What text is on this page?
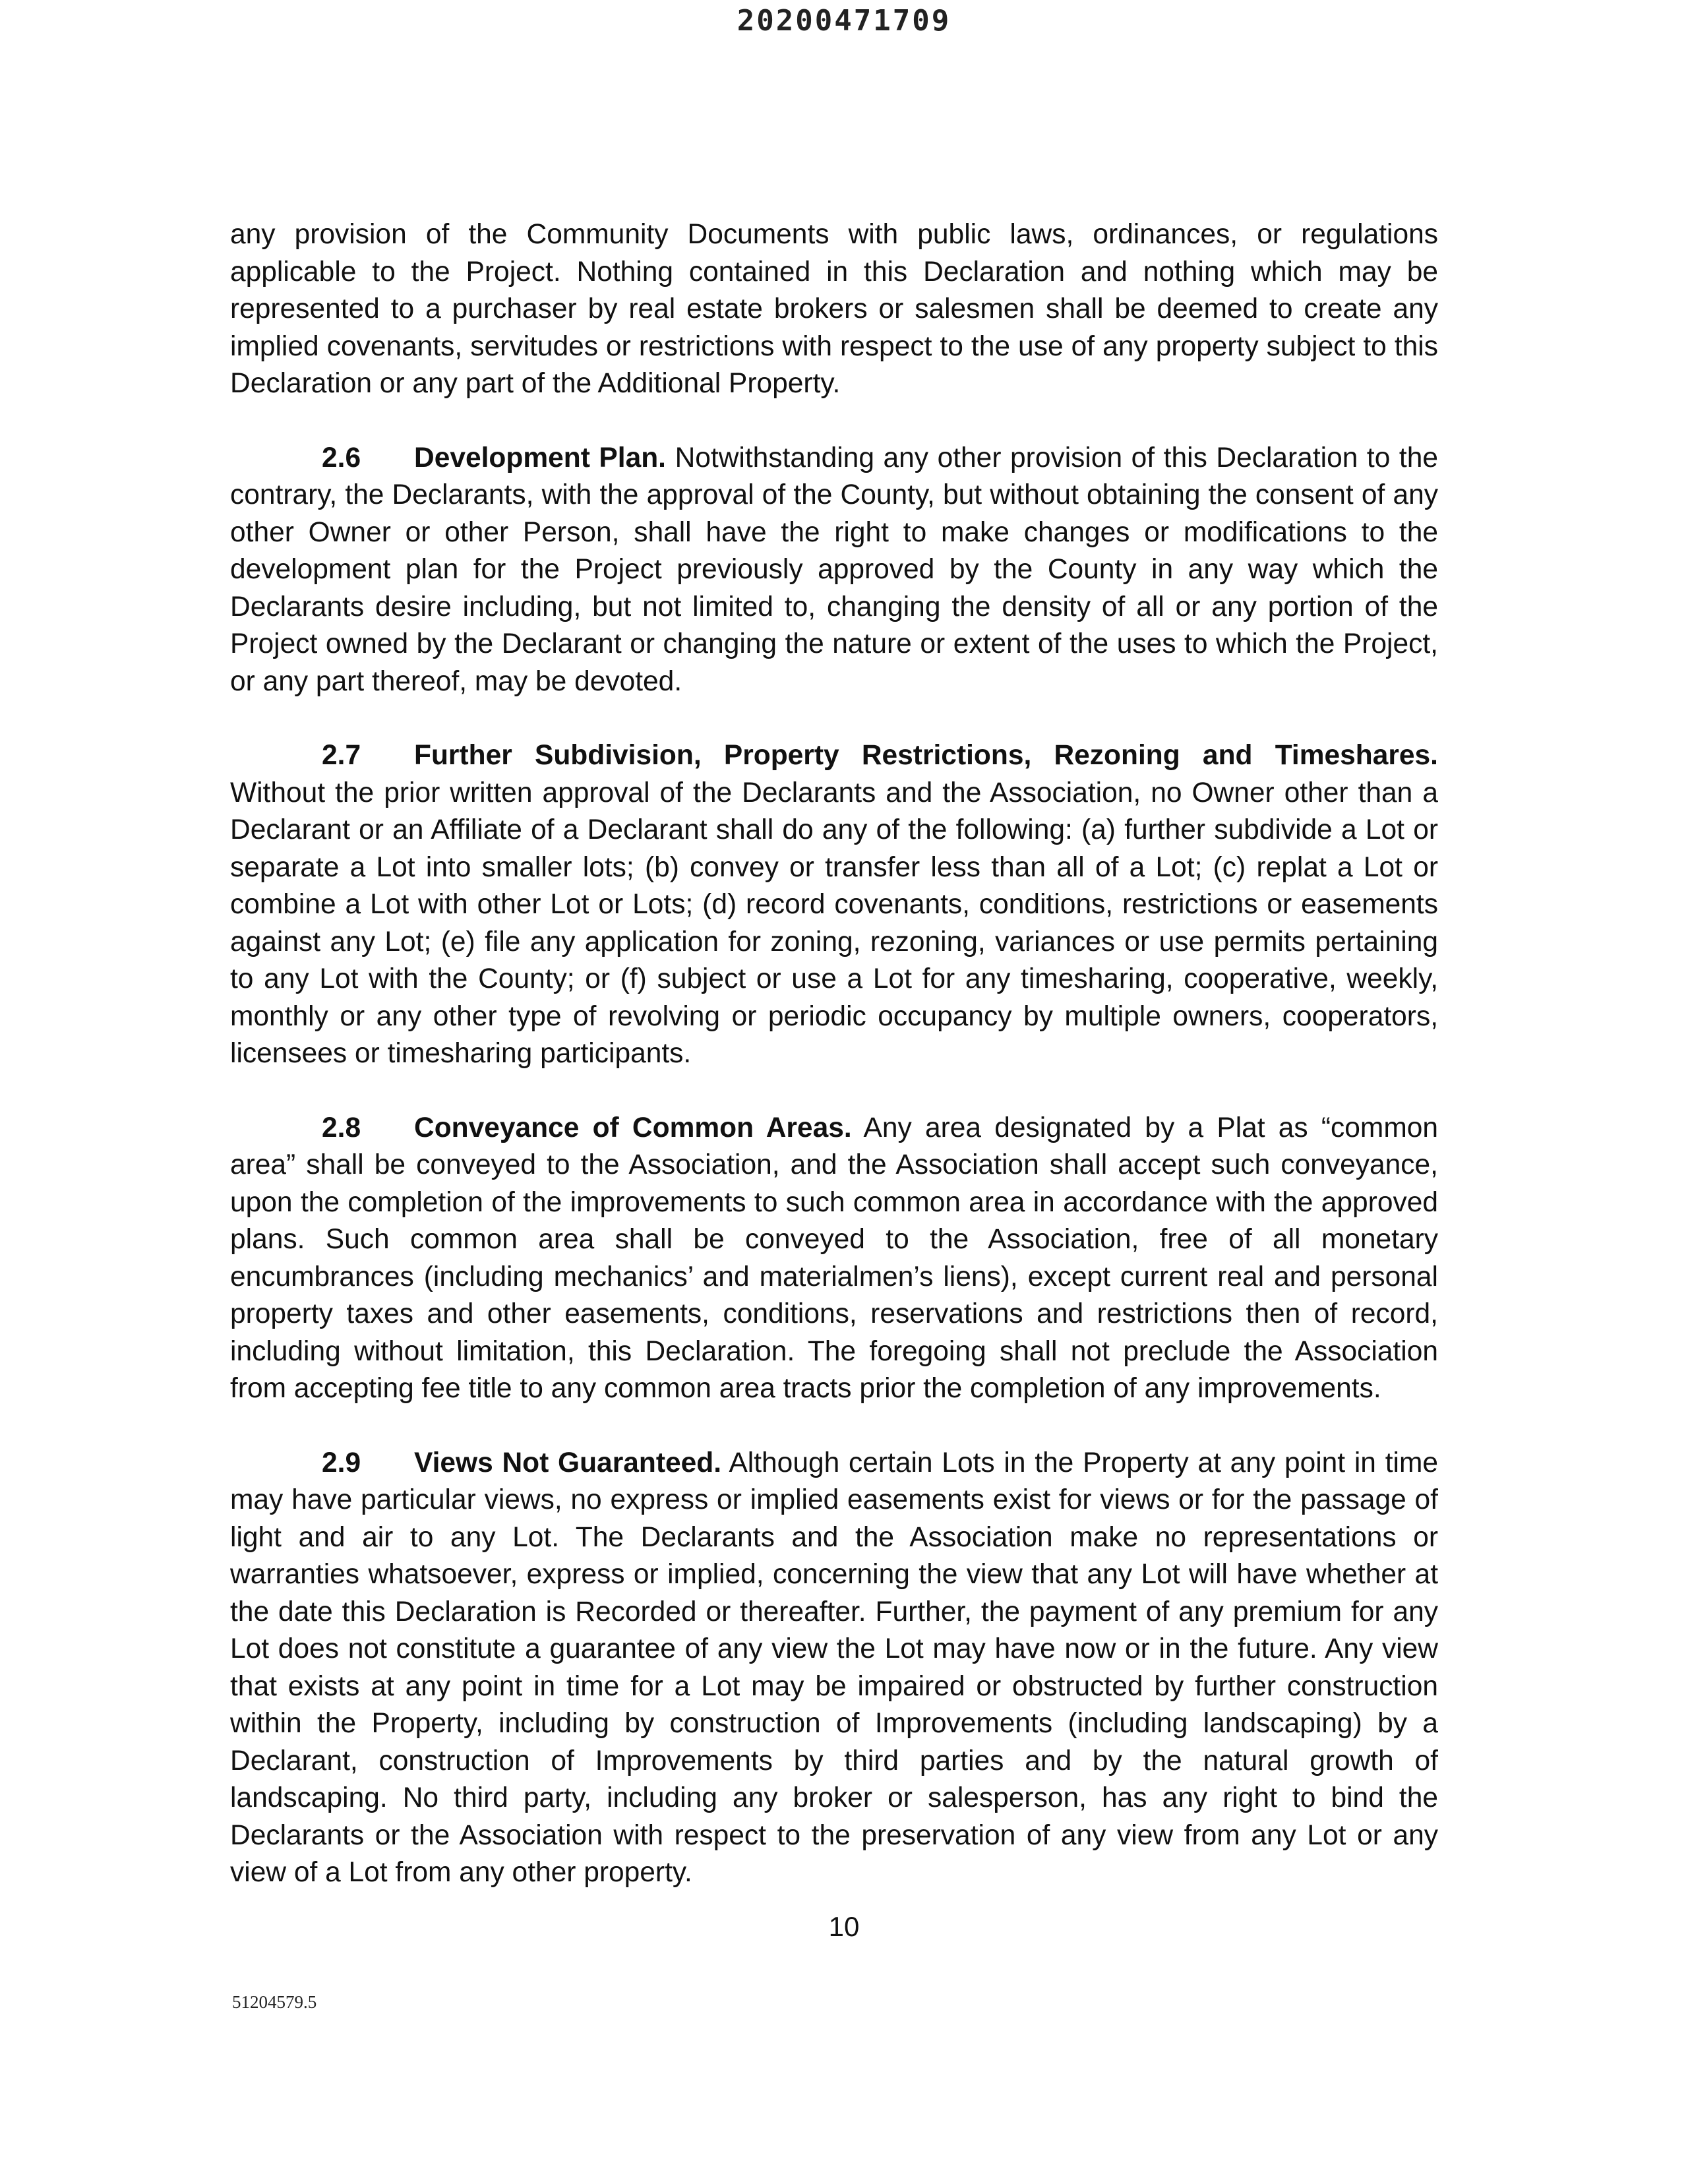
20200471709

any provision of the Community Documents with public laws, ordinances, or regulations applicable to the Project. Nothing contained in this Declaration and nothing which may be represented to a purchaser by real estate brokers or salesmen shall be deemed to create any implied covenants, servitudes or restrictions with respect to the use of any property subject to this Declaration or any part of the Additional Property.

2.6 Development Plan. Notwithstanding any other provision of this Declaration to the contrary, the Declarants, with the approval of the County, but without obtaining the consent of any other Owner or other Person, shall have the right to make changes or modifications to the development plan for the Project previously approved by the County in any way which the Declarants desire including, but not limited to, changing the density of all or any portion of the Project owned by the Declarant or changing the nature or extent of the uses to which the Project, or any part thereof, may be devoted.

2.7 Further Subdivision, Property Restrictions, Rezoning and Timeshares. Without the prior written approval of the Declarants and the Association, no Owner other than a Declarant or an Affiliate of a Declarant shall do any of the following: (a) further subdivide a Lot or separate a Lot into smaller lots; (b) convey or transfer less than all of a Lot; (c) replat a Lot or combine a Lot with other Lot or Lots; (d) record covenants, conditions, restrictions or easements against any Lot; (e) file any application for zoning, rezoning, variances or use permits pertaining to any Lot with the County; or (f) subject or use a Lot for any timesharing, cooperative, weekly, monthly or any other type of revolving or periodic occupancy by multiple owners, cooperators, licensees or timesharing participants.

2.8 Conveyance of Common Areas. Any area designated by a Plat as “common area” shall be conveyed to the Association, and the Association shall accept such conveyance, upon the completion of the improvements to such common area in accordance with the approved plans. Such common area shall be conveyed to the Association, free of all monetary encumbrances (including mechanics’ and materialmen’s liens), except current real and personal property taxes and other easements, conditions, reservations and restrictions then of record, including without limitation, this Declaration. The foregoing shall not preclude the Association from accepting fee title to any common area tracts prior the completion of any improvements.

2.9 Views Not Guaranteed. Although certain Lots in the Property at any point in time may have particular views, no express or implied easements exist for views or for the passage of light and air to any Lot. The Declarants and the Association make no representations or warranties whatsoever, express or implied, concerning the view that any Lot will have whether at the date this Declaration is Recorded or thereafter. Further, the payment of any premium for any Lot does not constitute a guarantee of any view the Lot may have now or in the future. Any view that exists at any point in time for a Lot may be impaired or obstructed by further construction within the Property, including by construction of Improvements (including landscaping) by a Declarant, construction of Improvements by third parties and by the natural growth of landscaping. No third party, including any broker or salesperson, has any right to bind the Declarants or the Association with respect to the preservation of any view from any Lot or any view of a Lot from any other property.

10
51204579.5
